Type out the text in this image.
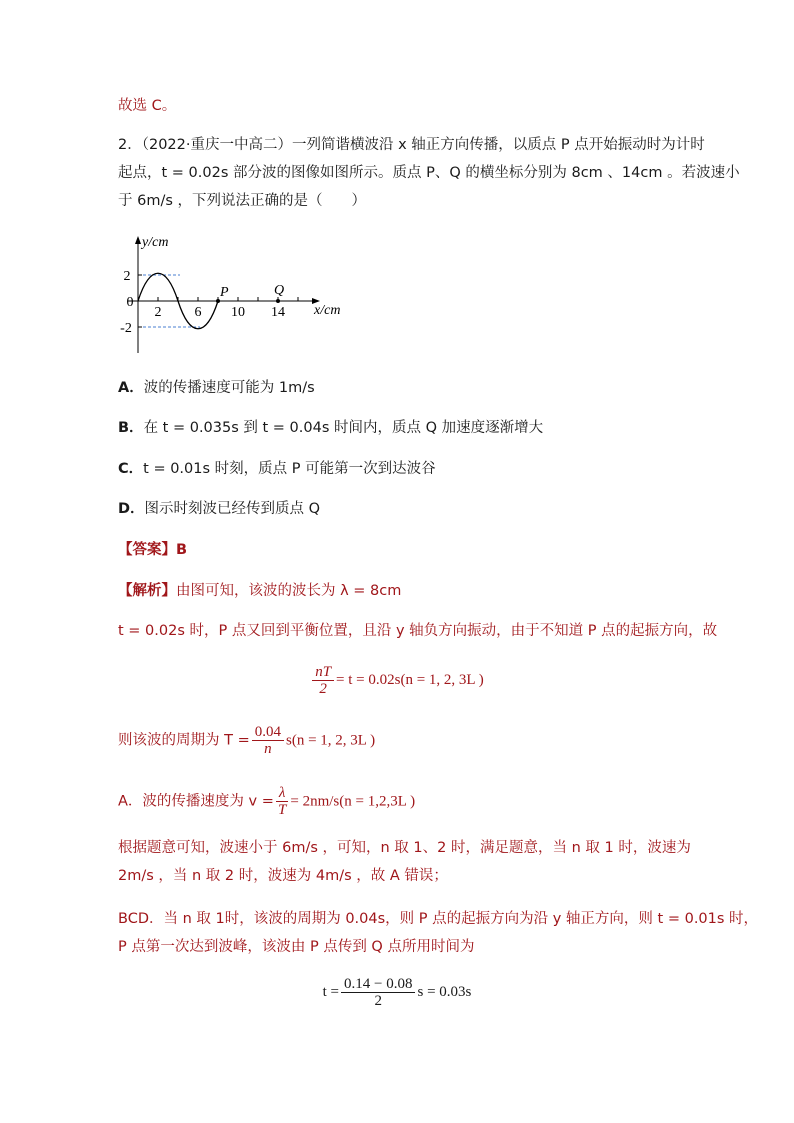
故选 C。
2．（2022·重庆一中高二）一列简谐横波沿 x 轴正方向传播，以质点 P 点开始振动时为计时
起点，t = 0.02s 部分波的图像如图所示。质点 P、Q 的横坐标分别为 8cm 、14cm 。若波速小
于 6m/s ，下列说法正确的是（　　）
y/cm
x/cm
2
0
-2
2 6 10 14
P	Q
A．波的传播速度可能为 1m/s
B．在 t = 0.035s 到 t = 0.04s 时间内，质点 Q 加速度逐渐增大
C．t = 0.01s 时刻，质点 P 可能第一次到达波谷
D．图示时刻波已经传到质点 Q
【答案】B
【解析】由图可知，该波的波长为 λ = 8cm
t = 0.02s 时，P 点又回到平衡位置，且沿 y 轴负方向振动，由于不知道 P 点的起振方向，故
$\frac{nT}{2} = t = 0.02s(n = 1$, 2, 3L )
则该波的周期为 $T = \frac{0.04}{n} s(n = 1$, 2, 3L )
A．波的传播速度为 $v = \frac{\lambda}{T} = 2nm/s(n = 1,2,3L$ )
根据题意可知，波速小于 6m/s ，可知，n 取 1、2 时，满足题意，当 n 取 1 时，波速为
2m/s ，当 n 取 2 时，波速为 4m/s ，故 A 错误；
BCD．当 n 取 1时，该波的周期为 0.04s，则 P 点的起振方向为沿 y 轴正方向，则 t = 0.01s 时，
P 点第一次达到波峰，该波由 P 点传到 Q 点所用时间为
$t = \frac{0.14 - 0.08}{2}$ s = 0.03s
